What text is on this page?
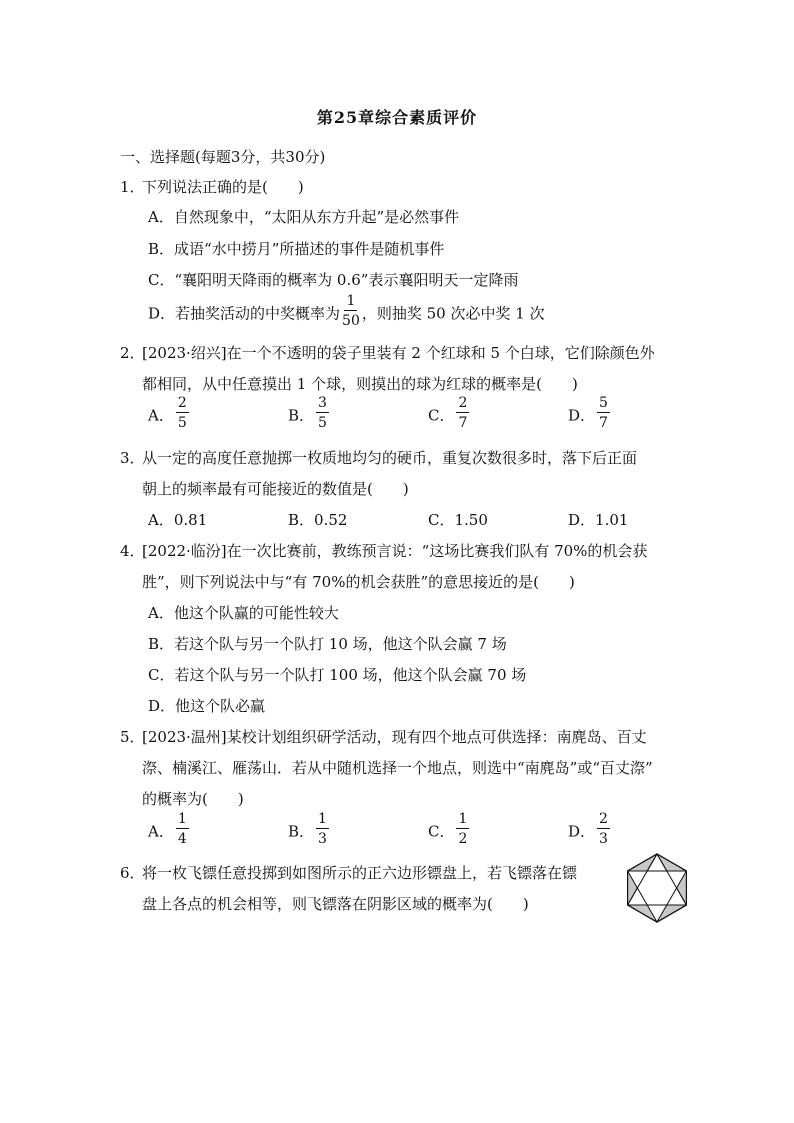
第25章综合素质评价
一、选择题(每题3分，共30分)
1．
下列说法正确的是( )
A．自然现象中，“太阳从东方升起”是必然事件
B．成语“水中捞月”所描述的事件是随机事件
C．“襄阳明天降雨的概率为 0.6”表示襄阳明天一定降雨
D．若抽奖活动的中奖概率为 $\frac{1}{50}$ ，则抽奖 50 次必中奖 1 次
2．
[2023·绍兴]在一个不透明的袋子里装有 2 个红球和 5 个白球，它们除颜色外
都相同，从中任意摸出 1 个球，则摸出的球为红球的概率是( )
A． $\frac{2}{5}$	B． $\frac{3}{5}$	C． $\frac{2}{7}$	D． $\frac{5}{7}$
3．
从一定的高度任意抛掷一枚质地均匀的硬币，重复次数很多时，落下后正面
朝上的频率最有可能接近的数值是( )
A．0.81	B．0.52	C．1.50	D．1.01
4．
[2022·临汾]在一次比赛前，教练预言说：“这场比赛我们队有 70%的机会获
胜”，则下列说法中与“有 70%的机会获胜”的意思接近的是( )
A．他这个队赢的可能性较大
B．若这个队与另一个队打 10 场，他这个队会赢 7 场
C．若这个队与另一个队打 100 场，他这个队会赢 70 场
D．他这个队必赢
5．
[2023·温州]某校计划组织研学活动，现有四个地点可供选择：南麂岛、百丈
漈、楠溪江、雁荡山．若从中随机选择一个地点，则选中“南麂岛”或“百丈漈”
的概率为( )
A． $\frac{1}{4}$	B． $\frac{1}{3}$	C． $\frac{1}{2}$	D． $\frac{2}{3}$
6．
将一枚飞镖任意投掷到如图所示的正六边形镖盘上，若飞镖落在镖
盘上各点的机会相等，则飞镖落在阴影区域的概率为( )
